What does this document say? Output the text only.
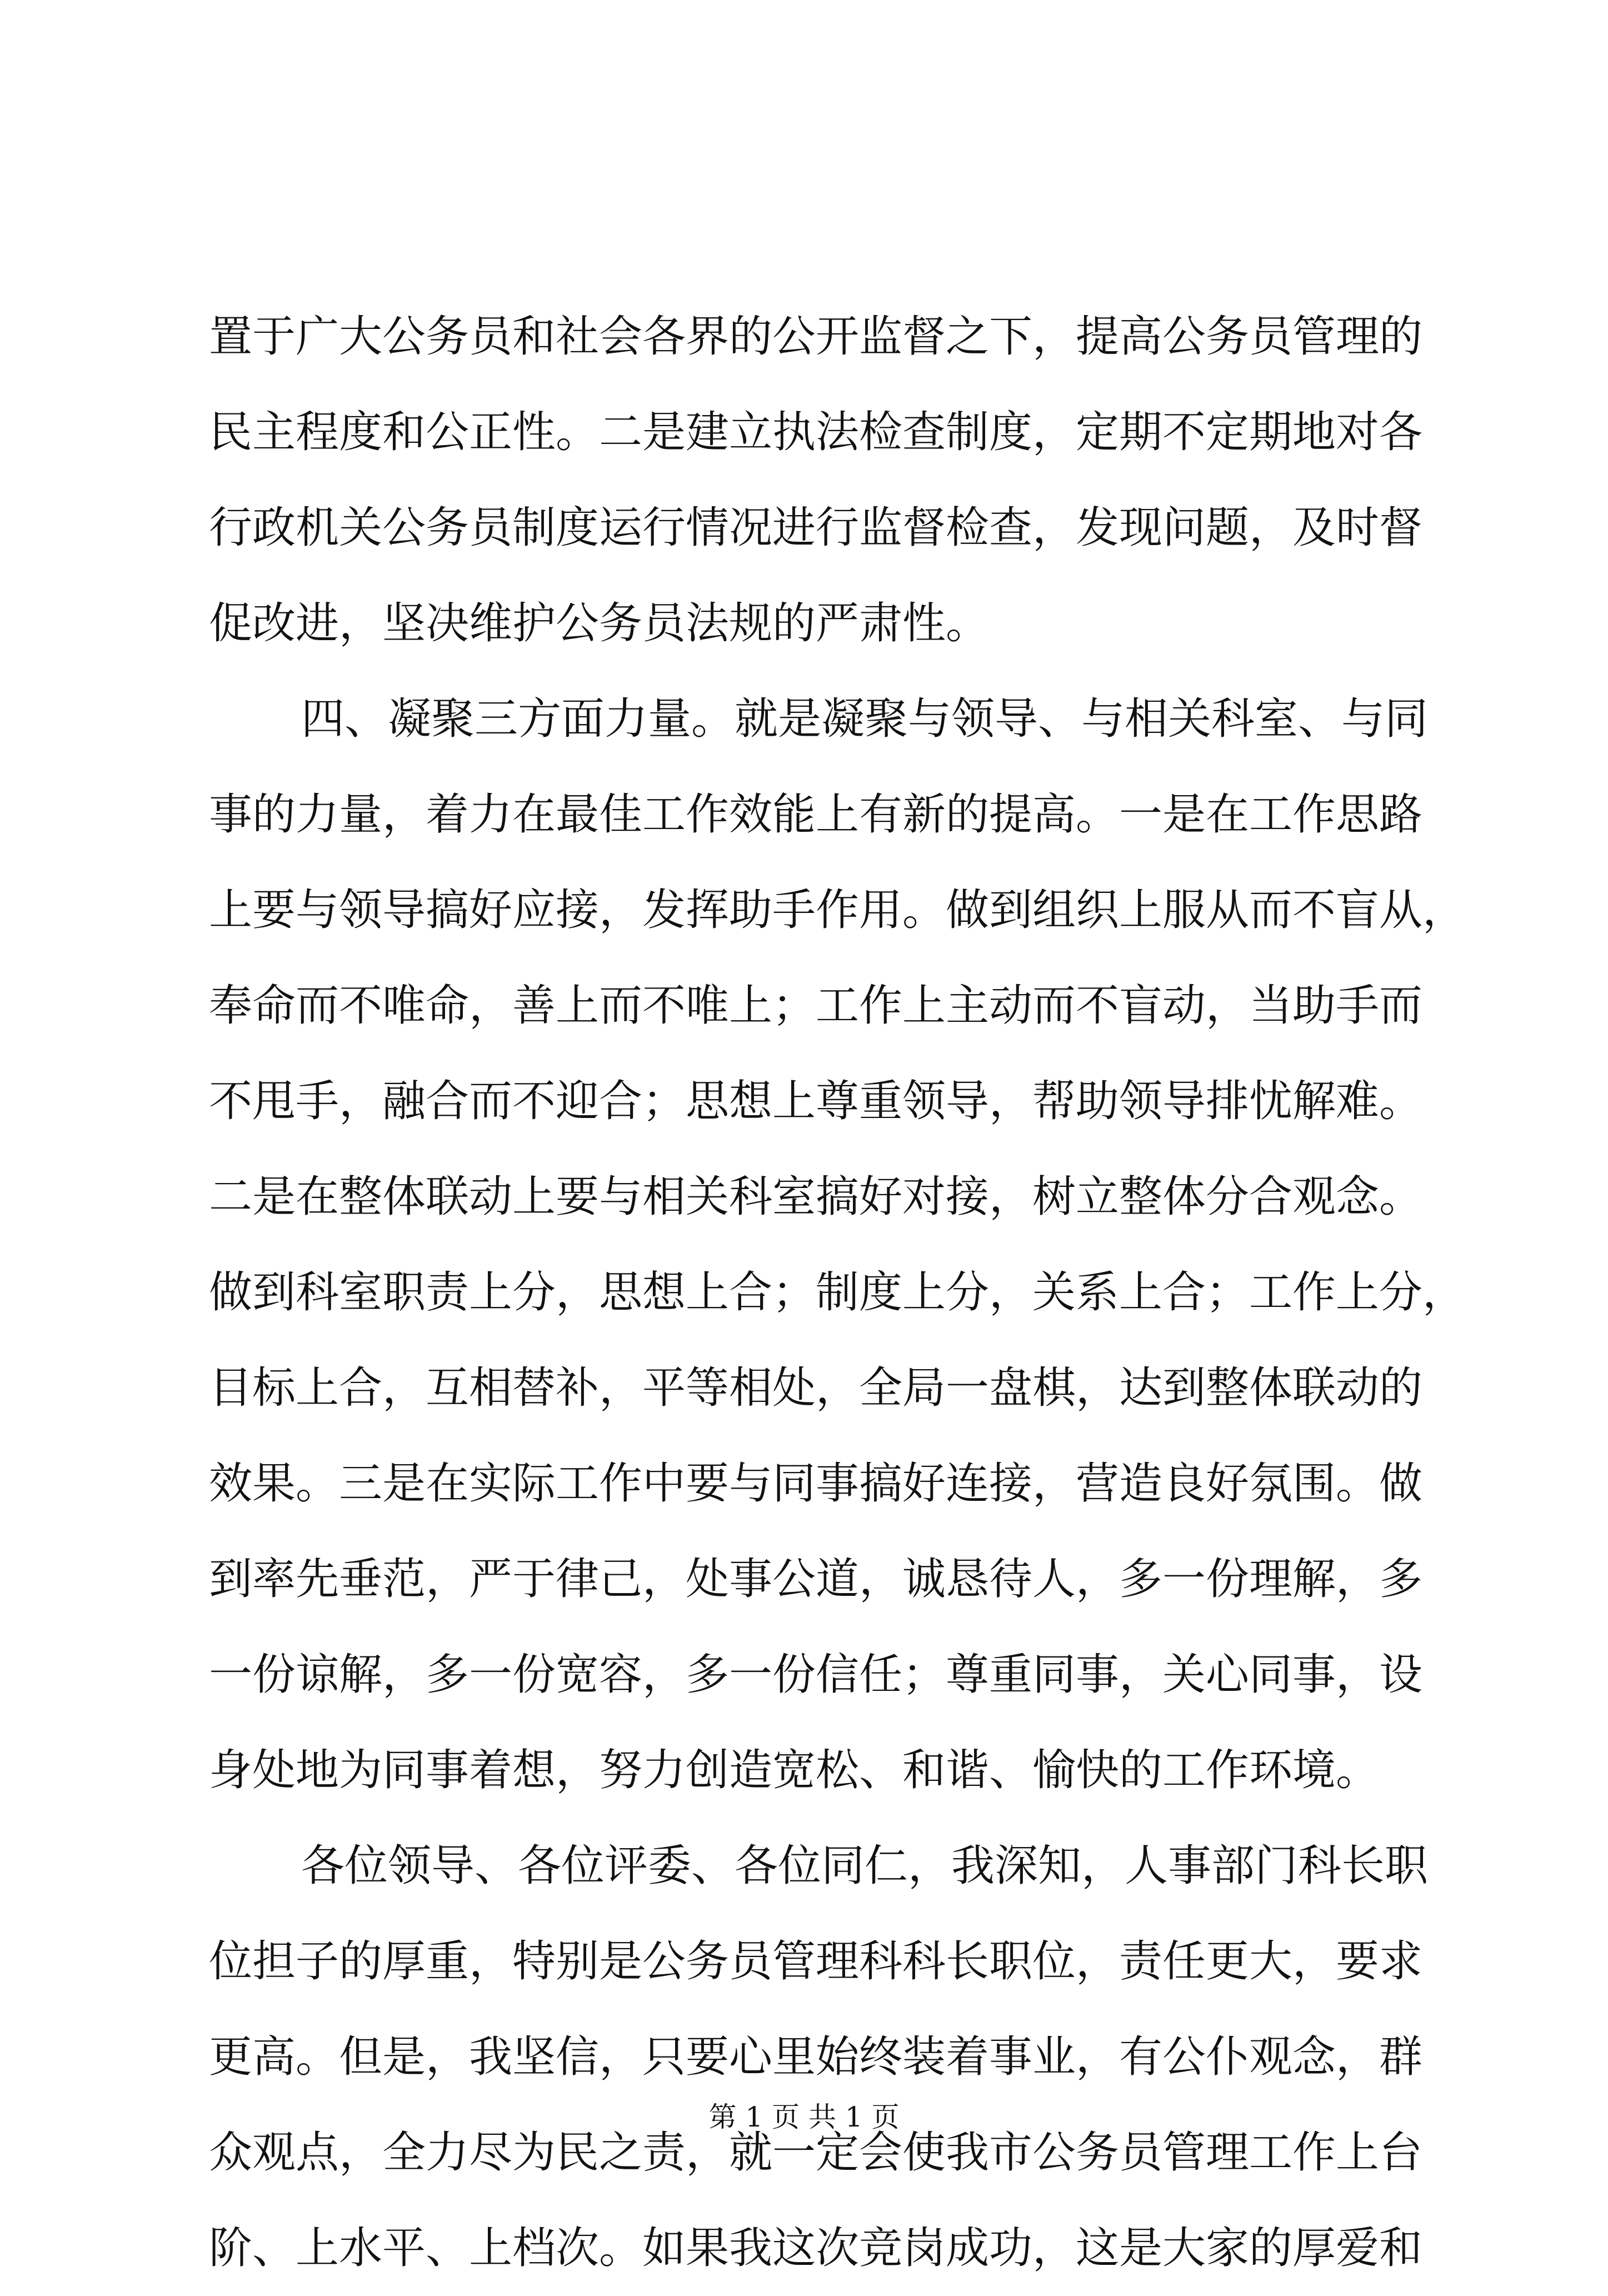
置于广大公务员和社会各界的公开监督之下，提高公务员管理的
民主程度和公正性。二是建立执法检查制度，定期不定期地对各
行政机关公务员制度运行情况进行监督检查，发现问题，及时督
促改进，坚决维护公务员法规的严肃性。
四、凝聚三方面力量。就是凝聚与领导、与相关科室、与同
事的力量，着力在最佳工作效能上有新的提高。一是在工作思路
上要与领导搞好应接，发挥助手作用。做到组织上服从而不盲从，
奉命而不唯命，善上而不唯上；工作上主动而不盲动，当助手而
不甩手，融合而不迎合；思想上尊重领导，帮助领导排忧解难。
二是在整体联动上要与相关科室搞好对接，树立整体分合观念。
做到科室职责上分，思想上合；制度上分，关系上合；工作上分，
目标上合，互相替补，平等相处，全局一盘棋，达到整体联动的
效果。三是在实际工作中要与同事搞好连接，营造良好氛围。做
到率先垂范，严于律己，处事公道，诚恳待人，多一份理解，多
一份谅解，多一份宽容，多一份信任；尊重同事，关心同事，设
身处地为同事着想，努力创造宽松、和谐、愉快的工作环境。
各位领导、各位评委、各位同仁，我深知，人事部门科长职
位担子的厚重，特别是公务员管理科科长职位，责任更大，要求
更高。但是，我坚信，只要心里始终装着事业，有公仆观念，群
众观点，全力尽为民之责，就一定会使我市公务员管理工作上台
阶、上水平、上档次。如果我这次竞岗成功，这是大家的厚爱和
第 1 页 共 1 页
